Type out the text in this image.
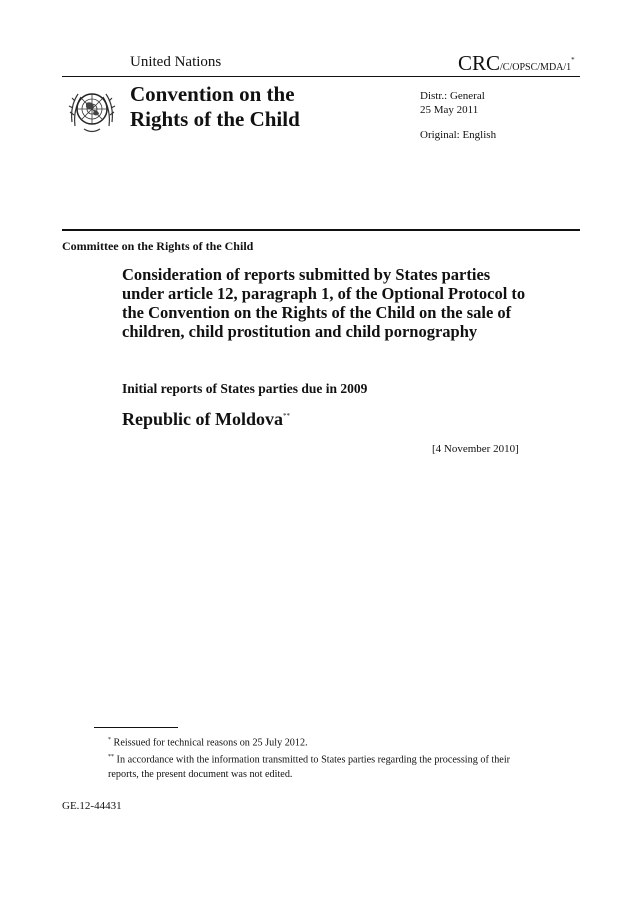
United Nations	CRC/C/OPSC/MDA/1*
Convention on the
Rights of the Child
Distr.: General
25 May 2011
Original: English
Committee on the Rights of the Child
Consideration of reports submitted by States parties under article 12, paragraph 1, of the Optional Protocol to the Convention on the Rights of the Child on the sale of children, child prostitution and child pornography
Initial reports of States parties due in 2009
Republic of Moldova**
[4 November 2010]
* Reissued for technical reasons on 25 July 2012.
** In accordance with the information transmitted to States parties regarding the processing of their reports, the present document was not edited.
GE.12-44431
